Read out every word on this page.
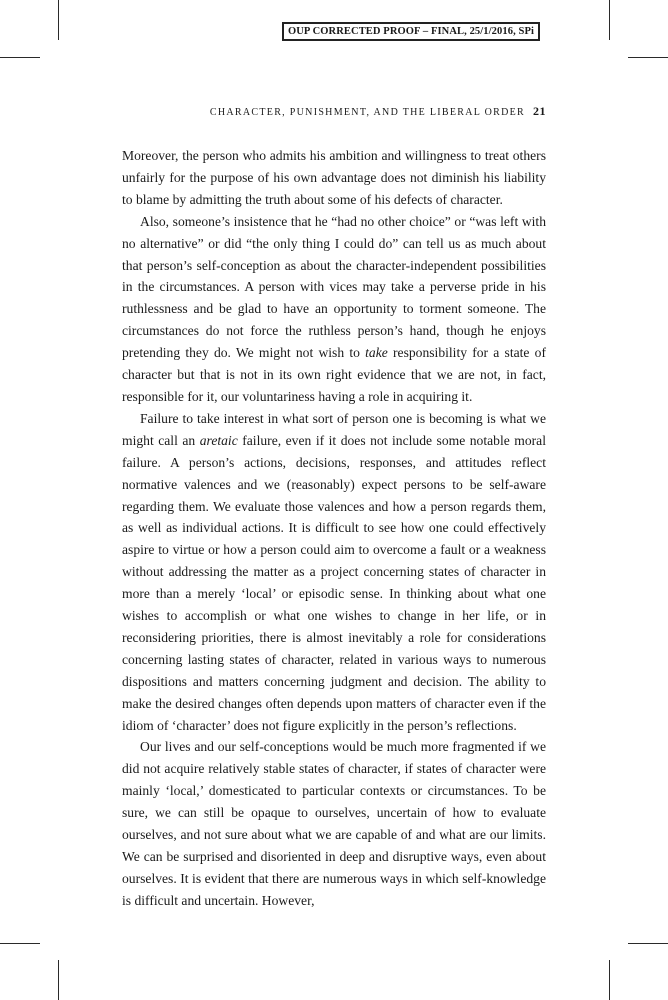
OUP CORRECTED PROOF – FINAL, 25/1/2016, SPi
CHARACTER, PUNISHMENT, AND THE LIBERAL ORDER 21

Moreover, the person who admits his ambition and willingness to treat others unfairly for the purpose of his own advantage does not diminish his liability to blame by admitting the truth about some of his defects of character.

Also, someone’s insistence that he “had no other choice” or “was left with no alternative” or did “the only thing I could do” can tell us as much about that person’s self-conception as about the character-independent possibilities in the circumstances. A person with vices may take a perverse pride in his ruthlessness and be glad to have an opportunity to torment someone. The circumstances do not force the ruthless person’s hand, though he enjoys pretending they do. We might not wish to take responsibility for a state of character but that is not in its own right evidence that we are not, in fact, responsible for it, our voluntariness having a role in acquiring it.

Failure to take interest in what sort of person one is becoming is what we might call an aretaic failure, even if it does not include some notable moral failure. A person’s actions, decisions, responses, and attitudes reflect normative valences and we (reasonably) expect persons to be self-aware regarding them. We evaluate those valences and how a person regards them, as well as individual actions. It is difficult to see how one could effectively aspire to virtue or how a person could aim to overcome a fault or a weakness without addressing the matter as a project concerning states of character in more than a merely ‘local’ or episodic sense. In thinking about what one wishes to accomplish or what one wishes to change in her life, or in reconsidering priorities, there is almost inevitably a role for considerations concerning lasting states of character, related in various ways to numerous dispositions and matters concerning judgment and decision. The ability to make the desired changes often depends upon matters of character even if the idiom of ‘character’ does not figure explicitly in the person’s reflections.

Our lives and our self-conceptions would be much more fragmented if we did not acquire relatively stable states of character, if states of character were mainly ‘local,’ domesticated to particular contexts or circumstances. To be sure, we can still be opaque to ourselves, uncertain of how to evaluate ourselves, and not sure about what we are capable of and what are our limits. We can be surprised and disoriented in deep and disruptive ways, even about ourselves. It is evident that there are numerous ways in which self-knowledge is difficult and uncertain. However,
